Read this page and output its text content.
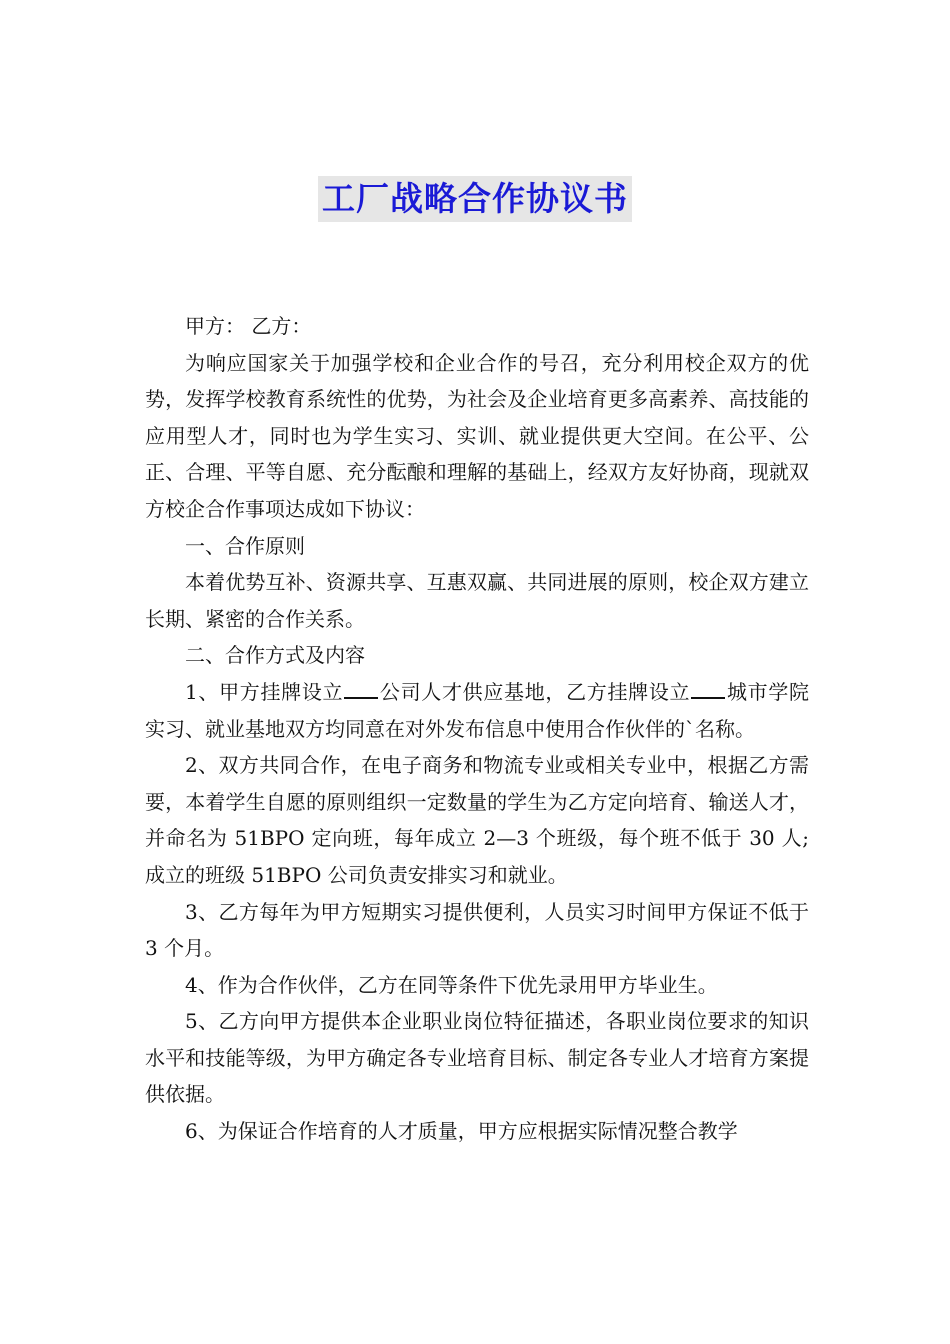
工厂战略合作协议书

甲方： 乙方：

为响应国家关于加强学校和企业合作的号召，充分利用校企双方的优势，发挥学校教育系统性的优势，为社会及企业培育更多高素养、高技能的应用型人才，同时也为学生实习、实训、就业提供更大空间。在公平、公正、合理、平等自愿、充分酝酿和理解的基础上，经双方友好协商，现就双方校企合作事项达成如下协议：

一、合作原则

本着优势互补、资源共享、互惠双赢、共同进展的原则，校企双方建立长期、紧密的合作关系。

二、合作方式及内容

1、甲方挂牌设立 公司人才供应基地，乙方挂牌设立 城市学院实习、就业基地双方均同意在对外发布信息中使用合作伙伴的`名称。

2、双方共同合作，在电子商务和物流专业或相关专业中，根据乙方需要，本着学生自愿的原则组织一定数量的学生为乙方定向培育、输送人才，并命名为 51BPO 定向班，每年成立 2—3 个班级，每个班不低于 30 人;成立的班级 51BPO 公司负责安排实习和就业。

3、乙方每年为甲方短期实习提供便利，人员实习时间甲方保证不低于 3 个月。

4、作为合作伙伴，乙方在同等条件下优先录用甲方毕业生。

5、乙方向甲方提供本企业职业岗位特征描述，各职业岗位要求的知识水平和技能等级，为甲方确定各专业培育目标、制定各专业人才培育方案提供依据。

6、为保证合作培育的人才质量，甲方应根据实际情况整合教学
